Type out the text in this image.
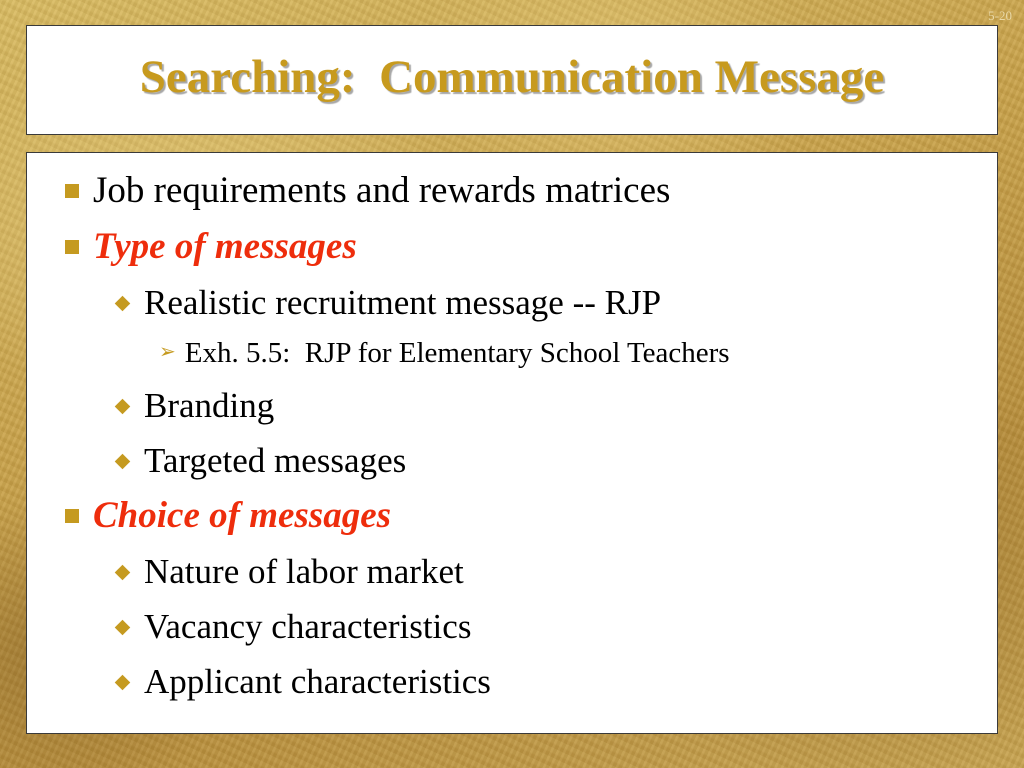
5-20
Searching:  Communication Message
Job requirements and rewards matrices
Type of messages
Realistic recruitment message -- RJP
➢ Exh. 5.5:  RJP for Elementary School Teachers
Branding
Targeted messages
Choice of messages
Nature of labor market
Vacancy characteristics
Applicant characteristics
